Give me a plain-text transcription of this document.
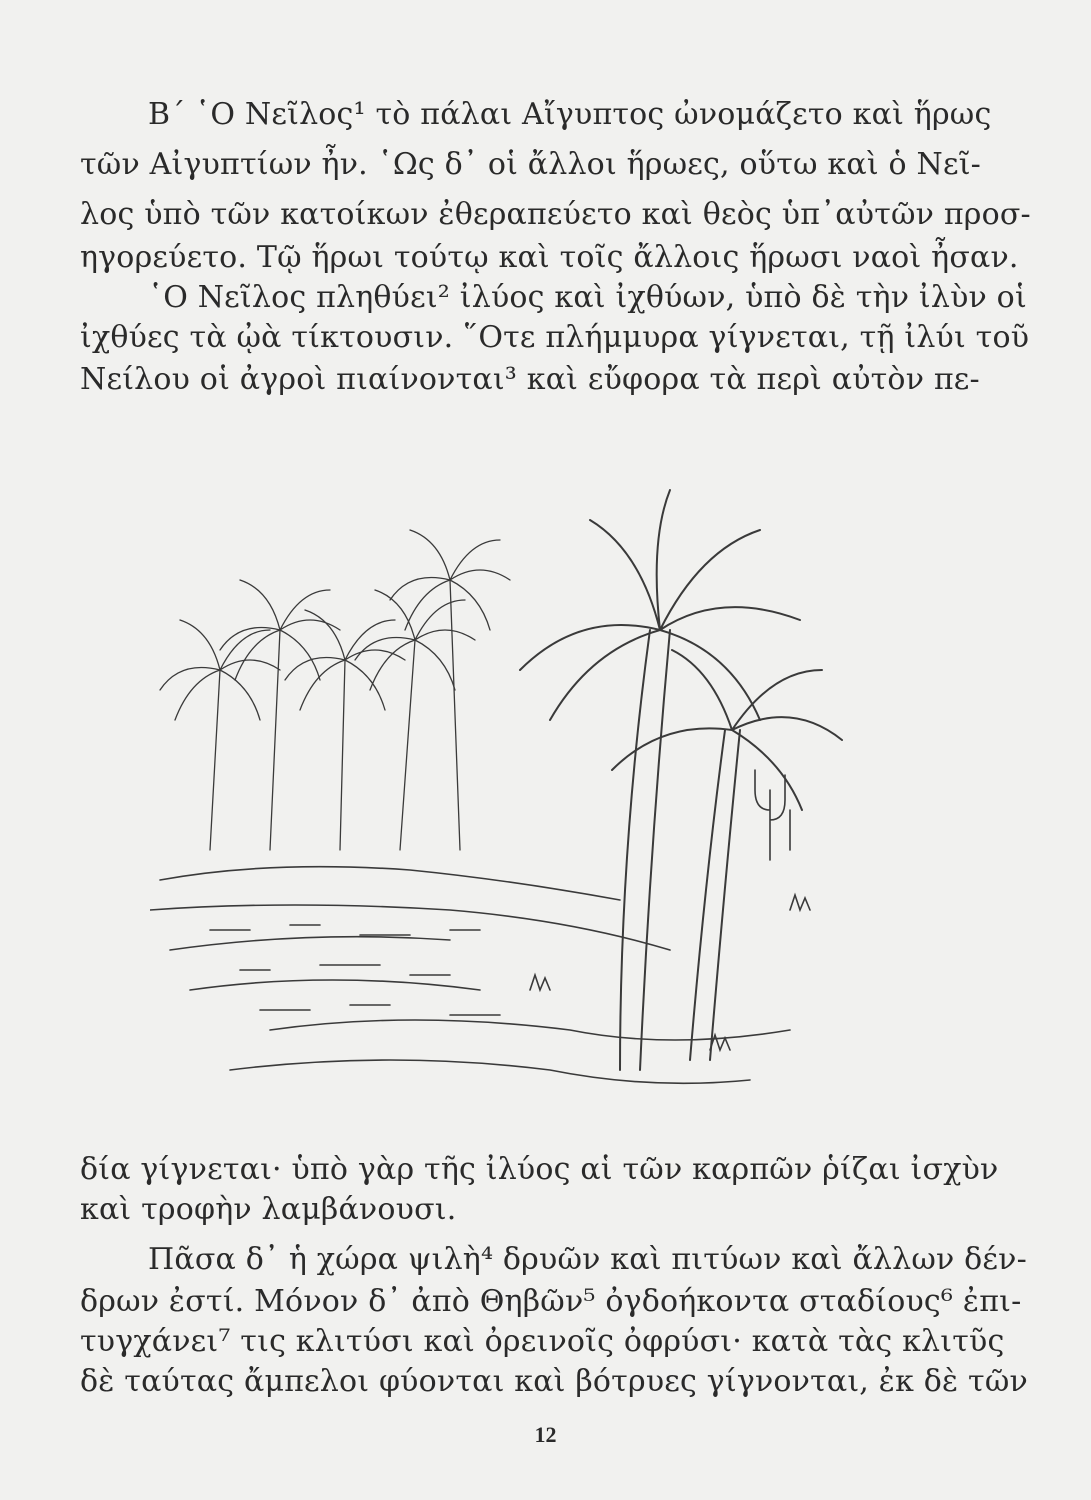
Β΄ ῾Ο Νεῖλος¹ τὸ πάλαι Αἴγυπτος ὠνομάζετο καὶ ἥρως
τῶν Αἰγυπτίων ἦν. ῾Ως δ᾽ οἱ ἄλλοι ἥρωες, οὕτω καὶ ὁ Νεῖ-
λος ὑπὸ τῶν κατοίκων ἐθεραπεύετο καὶ θεὸς ὑπ᾽αὐτῶν προσ-
ηγορεύετο. Τῷ ἥρωι τούτῳ καὶ τοῖς ἄλλοις ἥρωσι ναοὶ ἦσαν.
῾Ο Νεῖλος πληθύει² ἰλύος καὶ ἰχθύων, ὑπὸ δὲ τὴν ἰλὺν οἱ
ἰχθύες τὰ ᾠὰ τίκτουσιν. ῞Οτε πλήμμυρα γίγνεται, τῇ ἰλύι τοῦ
Νείλου οἱ ἀγροὶ πιαίνονται³ καὶ εὔφορα τὰ περὶ αὐτὸν πε-
δία γίγνεται· ὑπὸ γὰρ τῆς ἰλύος αἱ τῶν καρπῶν ῥίζαι ἰσχὺν
καὶ τροφὴν λαμβάνουσι.
Πᾶσα δ᾽ ἡ χώρα ψιλὴ⁴ δρυῶν καὶ πιτύων καὶ ἄλλων δέν-
δρων ἐστί. Μόνον δ᾽ ἀπὸ Θηβῶν⁵ ὀγδοήκοντα σταδίους⁶ ἐπι-
τυγχάνει⁷ τις κλιτύσι καὶ ὀρεινοῖς ὀφρύσι· κατὰ τὰς κλιτῦς
δὲ ταύτας ἄμπελοι φύονται καὶ βότρυες γίγνονται, ἐκ δὲ τῶν
12
